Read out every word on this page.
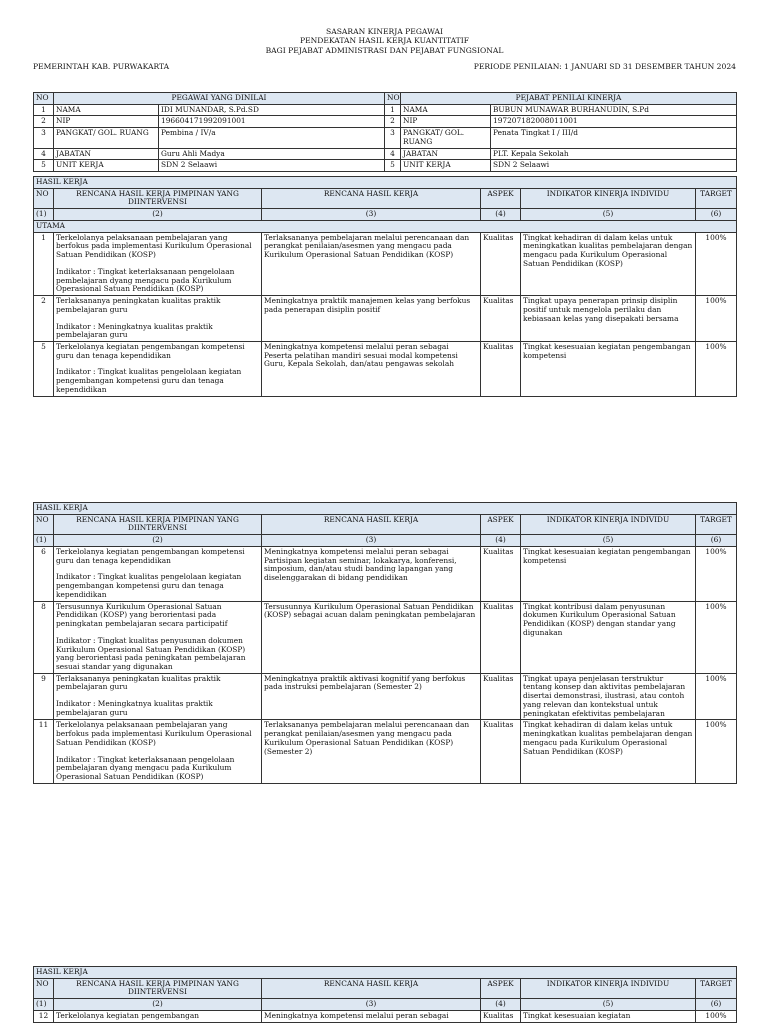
SASARAN KINERJA PEGAWAI
PENDEKATAN HASIL KERJA KUANTITATIF
BAGI PEJABAT ADMINISTRASI DAN PEJABAT FUNGSIONAL
PEMERINTAH KAB. PURWAKARTA	PERIODE PENILAIAN: 1 JANUARI SD 31 DESEMBER TAHUN 2024
NO	PEGAWAI YANG DINILAI		NO	PEJABAT PENILAI KINERJA	
1	NAMA	IDI MUNANDAR, S.Pd.SD	1	NAMA	BUBUN MUNAWAR BURHANUDIN, S.Pd
2	NIP	196604171992091001	2	NIP	197207182008011001
3	PANGKAT/ GOL. RUANG	Pembina / IV/a	3	PANGKAT/ GOL. RUANG	Penata Tingkat I / III/d
4	JABATAN	Guru Ahli Madya	4	JABATAN	PLT. Kepala Sekolah
5	UNIT KERJA	SDN 2 Selaawi	5	UNIT KERJA	SDN 2 Selaawi
HASIL KERJA					
NO	RENCANA HASIL KERJA PIMPINAN YANG DIINTERVENSI	RENCANA HASIL KERJA	ASPEK	INDIKATOR KINERJA INDIVIDU	TARGET
(1)	(2)	(3)	(4)	(5)	(6)
UTAMA					
1	Terkelolanya pelaksanaan pembelajaran yang berfokus pada implementasi Kurikulum Operasional Satuan Pendidikan (KOSP)
Indikator : Tingkat keterlaksanaan pengelolaan pembelajaran dyang mengacu pada Kurikulum Operasional Satuan Pendidikan (KOSP)	Terlaksananya pembelajaran melalui perencanaan dan perangkat penilaian/asesmen yang mengacu pada Kurikulum Operasional Satuan Pendidikan (KOSP)	Kualitas	Tingkat kehadiran di dalam kelas untuk meningkatkan kualitas pembelajaran dengan mengacu pada Kurikulum Operasional Satuan Pendidikan (KOSP)	100%
2	Terlaksananya peningkatan kualitas praktik pembelajaran guru
Indikator : Meningkatnya kualitas praktik pembelajaran guru	Meningkatnya praktik manajemen kelas yang berfokus pada penerapan disiplin positif	Kualitas	Tingkat upaya penerapan prinsip disiplin positif untuk mengelola perilaku dan kebiasaan kelas yang disepakati bersama	100%
5	Terkelolanya kegiatan pengembangan kompetensi guru dan tenaga kependidikan
Indikator : Tingkat kualitas pengelolaan kegiatan pengembangan kompetensi guru dan tenaga kependidikan	Meningkatnya kompetensi melalui peran sebagai Peserta pelatihan mandiri sesuai modal kompetensi Guru, Kepala Sekolah, dan/atau pengawas sekolah	Kualitas	Tingkat kesesuaian kegiatan pengembangan kompetensi	100%
HASIL KERJA					
NO	RENCANA HASIL KERJA PIMPINAN YANG DIINTERVENSI	RENCANA HASIL KERJA	ASPEK	INDIKATOR KINERJA INDIVIDU	TARGET
(1)	(2)	(3)	(4)	(5)	(6)
6	Terkelolanya kegiatan pengembangan kompetensi guru dan tenaga kependidikan
Indikator : Tingkat kualitas pengelolaan kegiatan pengembangan kompetensi guru dan tenaga kependidikan	Meningkatnya kompetensi melalui peran sebagai Partisipan kegiatan seminar, lokakarya, konferensi, simposium, dan/atau studi banding lapangan yang diselenggarakan di bidang pendidikan	Kualitas	Tingkat kesesuaian kegiatan pengembangan kompetensi	100%
8	Tersusunnya Kurikulum Operasional Satuan Pendidikan (KOSP) yang berorientasi pada peningkatan pembelajaran secara participatif
Indikator : Tingkat kualitas penyusunan dokumen Kurikulum Operasional Satuan Pendidikan (KOSP) yang berorientasi pada peningkatan pembelajaran sesuai standar yang digunakan	Tersusunnya Kurikulum Operasional Satuan Pendidikan (KOSP) sebagai acuan dalam peningkatan pembelajaran	Kualitas	Tingkat kontribusi dalam penyusunan dokumen Kurikulum Operasional Satuan Pendidikan (KOSP) dengan standar yang digunakan	100%
9	Terlaksananya peningkatan kualitas praktik pembelajaran guru
Indikator : Meningkatnya kualitas praktik pembelajaran guru	Meningkatnya praktik aktivasi kognitif yang berfokus pada instruksi pembelajaran (Semester 2)	Kualitas	Tingkat upaya penjelasan terstruktur tentang konsep dan aktivitas pembelajaran disertai demonstrasi, ilustrasi, atau contoh yang relevan dan kontekstual untuk peningkatan efektivitas pembelajaran	100%
11	Terkelolanya pelaksanaan pembelajaran yang berfokus pada implementasi Kurikulum Operasional Satuan Pendidikan (KOSP)
Indikator : Tingkat keterlaksanaan pengelolaan pembelajaran dyang mengacu pada Kurikulum Operasional Satuan Pendidikan (KOSP)	Terlaksananya pembelajaran melalui perencanaan dan perangkat penilaian/asesmen yang mengacu pada Kurikulum Operasional Satuan Pendidikan (KOSP) (Semester 2)	Kualitas	Tingkat kehadiran di dalam kelas untuk meningkatkan kualitas pembelajaran dengan mengacu pada Kurikulum Operasional Satuan Pendidikan (KOSP)	100%
HASIL KERJA					
NO	RENCANA HASIL KERJA PIMPINAN YANG DIINTERVENSI	RENCANA HASIL KERJA	ASPEK	INDIKATOR KINERJA INDIVIDU	TARGET
(1)	(2)	(3)	(4)	(5)	(6)
12	Terkelolanya kegiatan pengembangan	Meningkatnya kompetensi melalui peran sebagai	Kualitas	Tingkat kesesuaian kegiatan	100%
